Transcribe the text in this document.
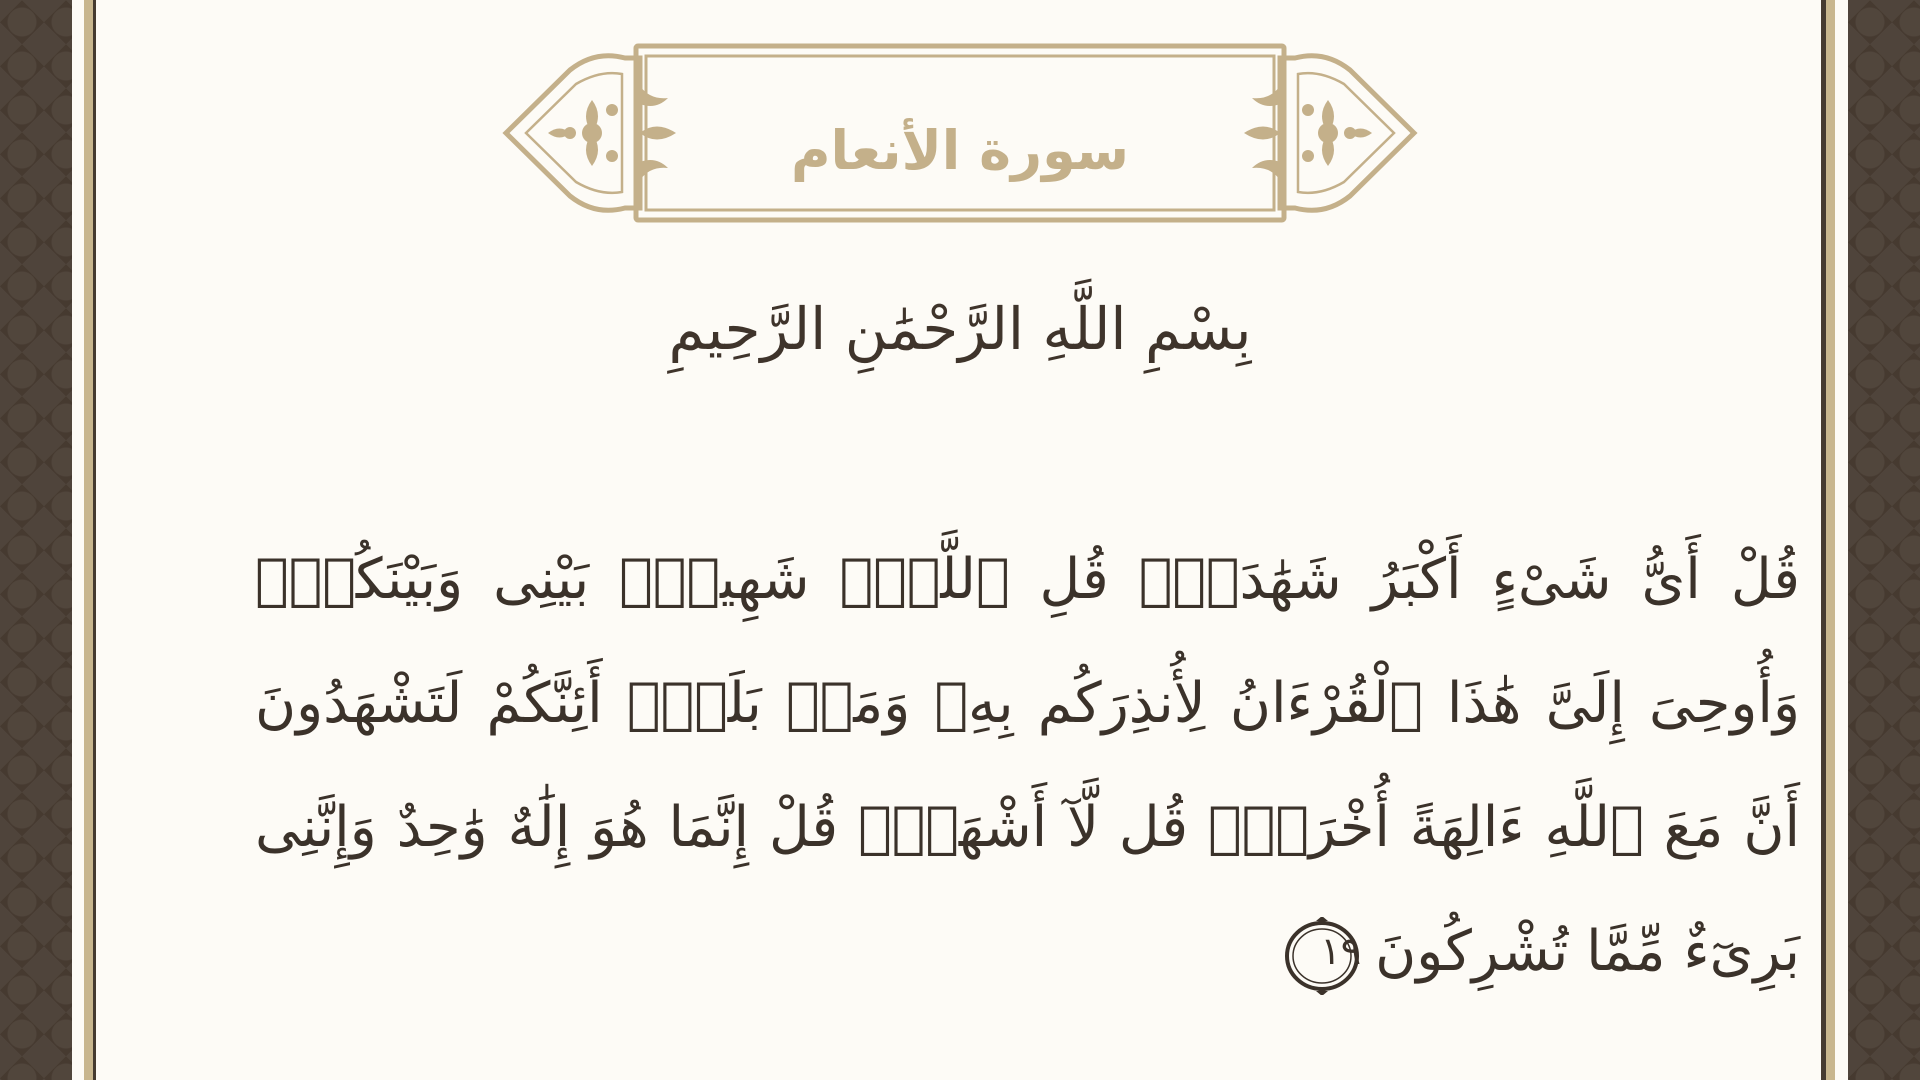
سورة الأنعام
بِسْمِ اللَّهِ الرَّحْمَٰنِ الرَّحِيمِ
قُلْ أَىُّ شَىْءٍ أَكْبَرُ شَهَٰدَةًۖ قُلِ ٱللَّهُۖ شَهِيدٌۢ بَيْنِى وَبَيْنَكُمْۚ وَأُوحِىَ إِلَىَّ هَٰذَا ٱلْقُرْءَانُ لِأُنذِرَكُم بِهِۦ وَمَنۢ بَلَغَۚ أَئِنَّكُمْ لَتَشْهَدُونَ أَنَّ مَعَ ٱللَّهِ ءَالِهَةً أُخْرَىٰۚ قُل لَّآ أَشْهَدُۚ قُلْ إِنَّمَا هُوَ إِلَٰهٌ وَٰحِدٌ وَإِنَّنِى بَرِىٓءٌ مِّمَّا تُشْرِكُونَ
١٩
